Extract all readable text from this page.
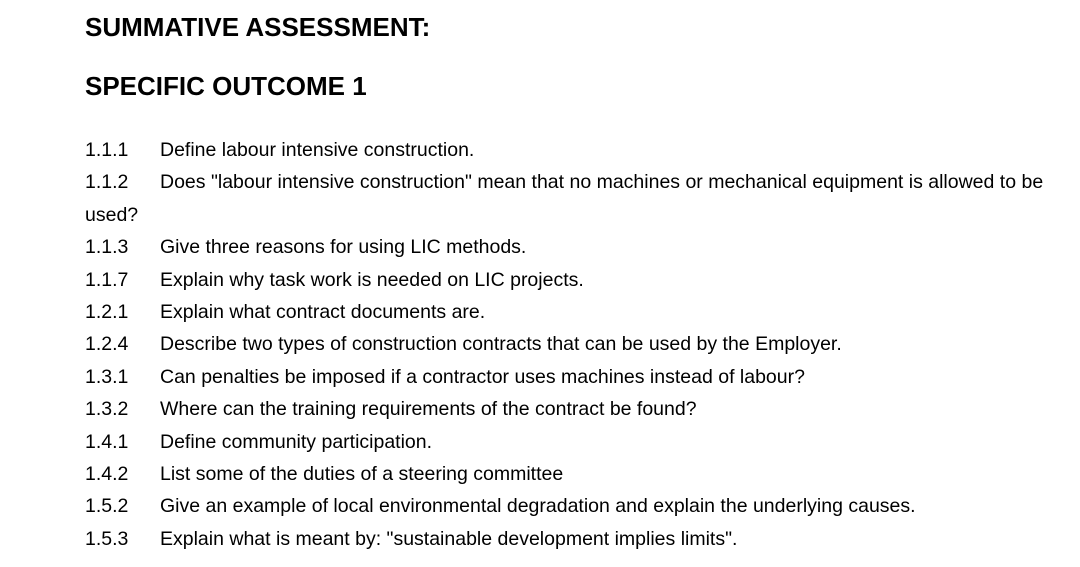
SUMMATIVE ASSESSMENT:
SPECIFIC OUTCOME 1
1.1.1 Define labour intensive construction.
1.1.2 Does "labour intensive construction" mean that no machines or mechanical equipment is allowed to be used?
1.1.3 Give three reasons for using LIC methods.
1.1.7 Explain why task work is needed on LIC projects.
1.2.1 Explain what contract documents are.
1.2.4 Describe two types of construction contracts that can be used by the Employer.
1.3.1 Can penalties be imposed if a contractor uses machines instead of labour?
1.3.2 Where can the training requirements of the contract be found?
1.4.1 Define community participation.
1.4.2 List some of the duties of a steering committee
1.5.2 Give an example of local environmental degradation and explain the underlying causes.
1.5.3 Explain what is meant by: "sustainable development implies limits".
